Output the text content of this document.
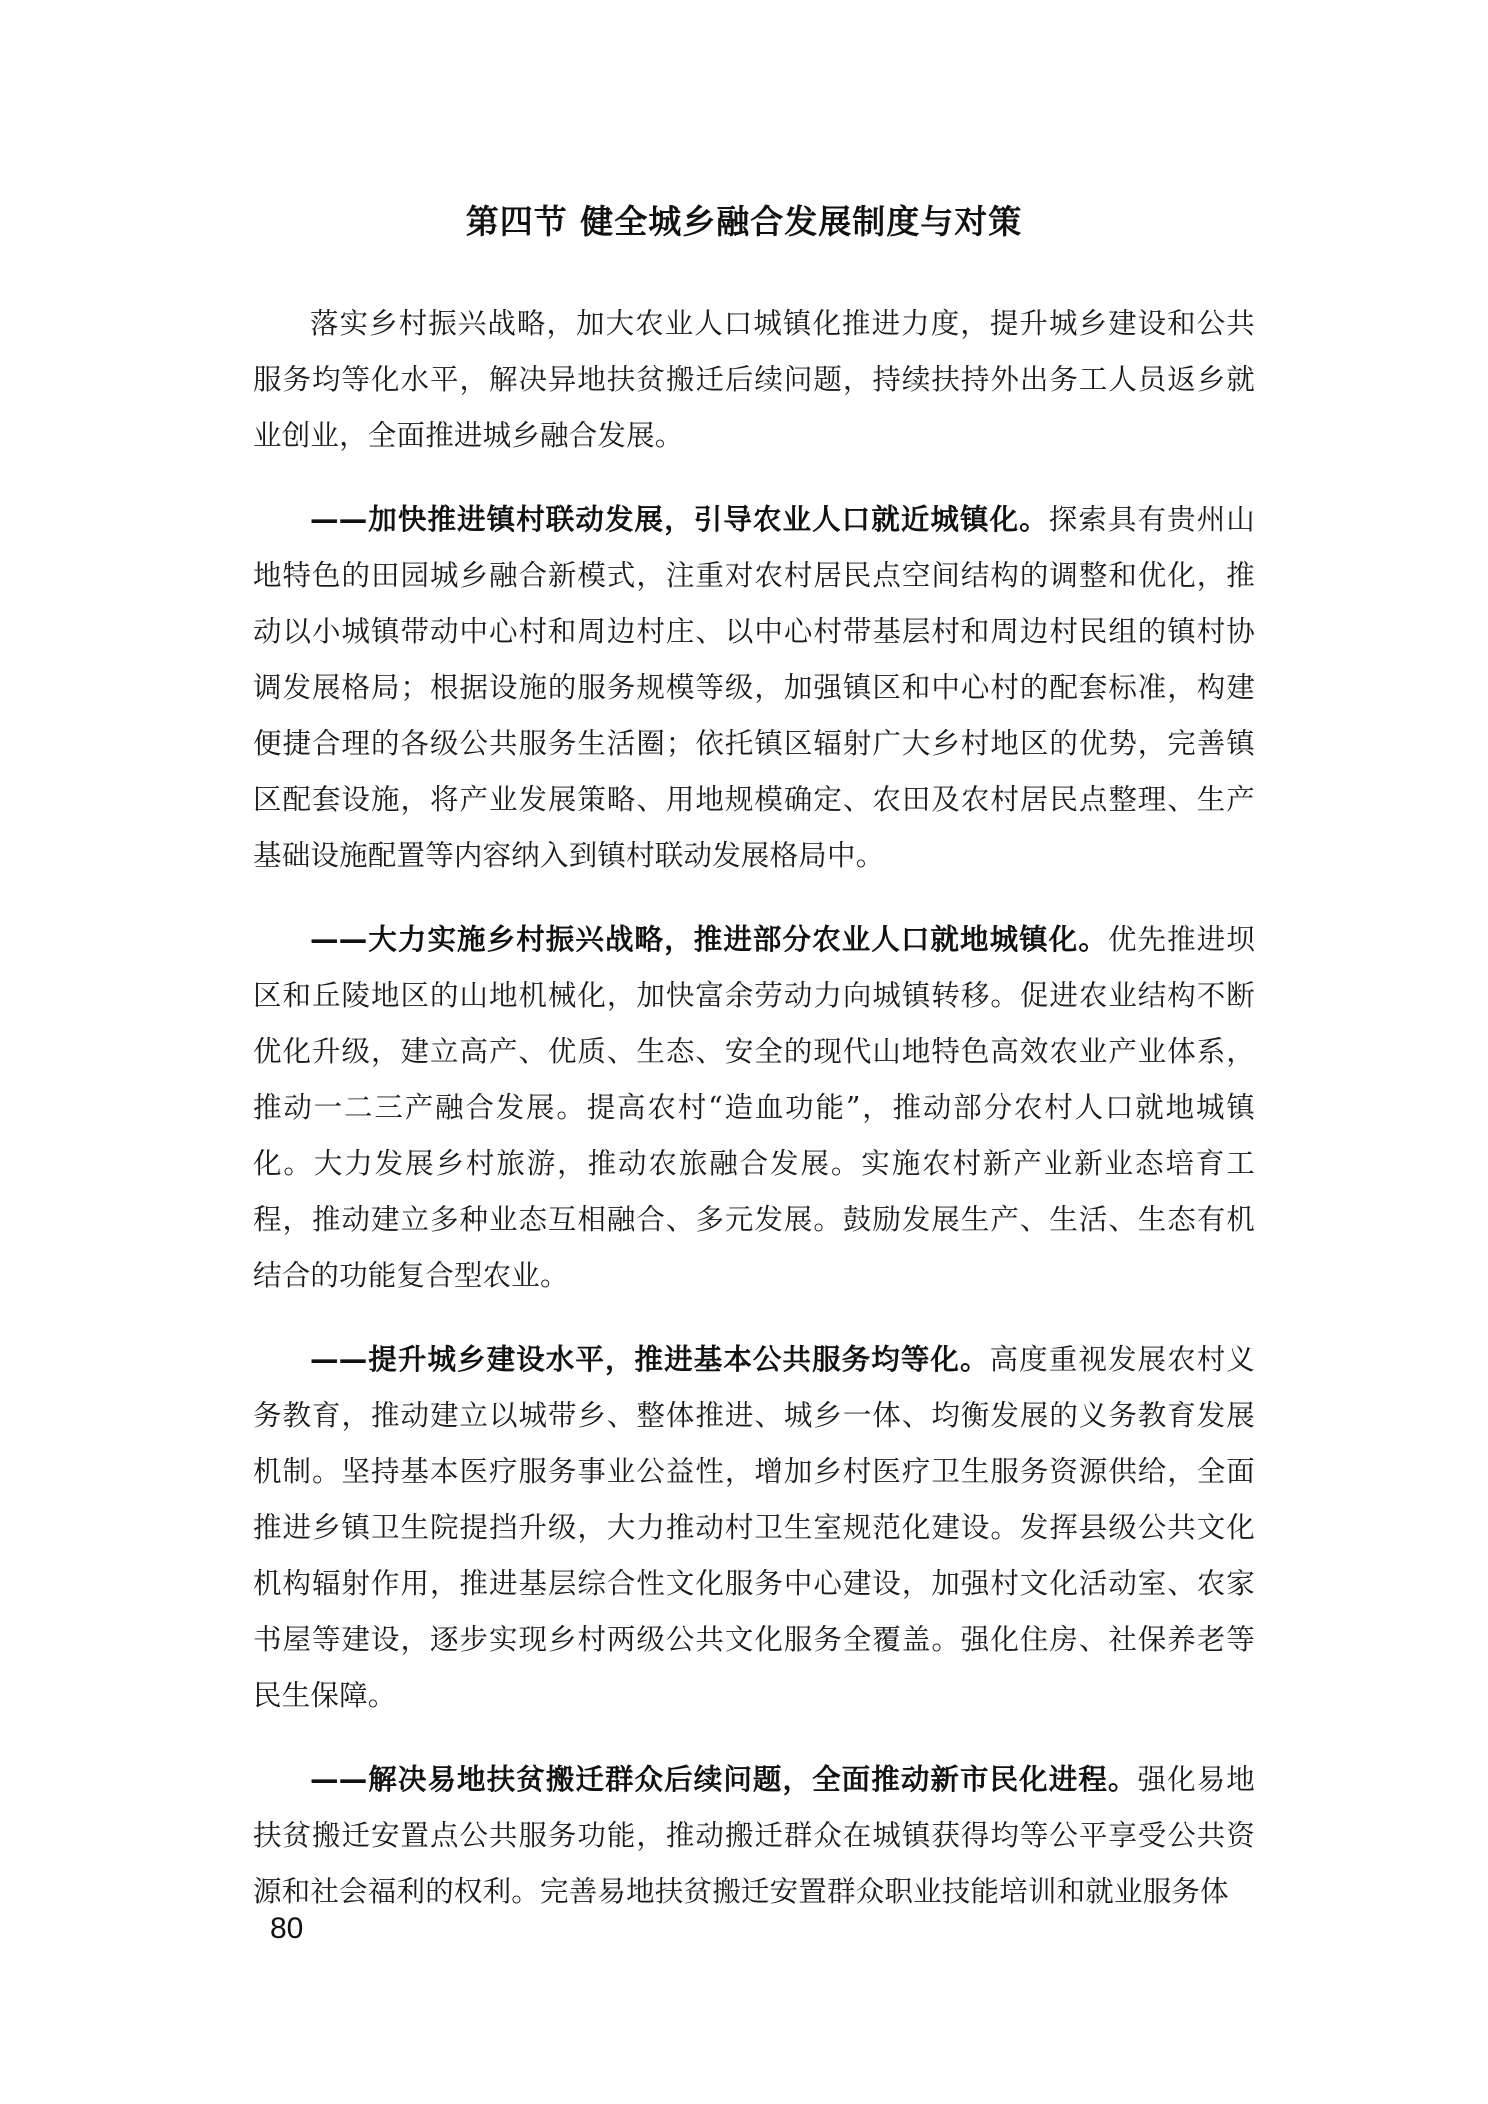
第四节 健全城乡融合发展制度与对策

落实乡村振兴战略，加大农业人口城镇化推进力度，提升城乡建设和公共服务均等化水平，解决异地扶贫搬迁后续问题，持续扶持外出务工人员返乡就业创业，全面推进城乡融合发展。

——加快推进镇村联动发展，引导农业人口就近城镇化。探索具有贵州山地特色的田园城乡融合新模式，注重对农村居民点空间结构的调整和优化，推动以小城镇带动中心村和周边村庄、以中心村带基层村和周边村民组的镇村协调发展格局；根据设施的服务规模等级，加强镇区和中心村的配套标准，构建便捷合理的各级公共服务生活圈；依托镇区辐射广大乡村地区的优势，完善镇区配套设施，将产业发展策略、用地规模确定、农田及农村居民点整理、生产基础设施配置等内容纳入到镇村联动发展格局中。

——大力实施乡村振兴战略，推进部分农业人口就地城镇化。优先推进坝区和丘陵地区的山地机械化，加快富余劳动力向城镇转移。促进农业结构不断优化升级，建立高产、优质、生态、安全的现代山地特色高效农业产业体系，推动一二三产融合发展。提高农村“造血功能”，推动部分农村人口就地城镇化。大力发展乡村旅游，推动农旅融合发展。实施农村新产业新业态培育工程，推动建立多种业态互相融合、多元发展。鼓励发展生产、生活、生态有机结合的功能复合型农业。

——提升城乡建设水平，推进基本公共服务均等化。高度重视发展农村义务教育，推动建立以城带乡、整体推进、城乡一体、均衡发展的义务教育发展机制。坚持基本医疗服务事业公益性，增加乡村医疗卫生服务资源供给，全面推进乡镇卫生院提挡升级，大力推动村卫生室规范化建设。发挥县级公共文化机构辐射作用，推进基层综合性文化服务中心建设，加强村文化活动室、农家书屋等建设，逐步实现乡村两级公共文化服务全覆盖。强化住房、社保养老等民生保障。

——解决易地扶贫搬迁群众后续问题，全面推动新市民化进程。强化易地扶贫搬迁安置点公共服务功能，推动搬迁群众在城镇获得均等公平享受公共资源和社会福利的权利。完善易地扶贫搬迁安置群众职业技能培训和就业服务体

80
